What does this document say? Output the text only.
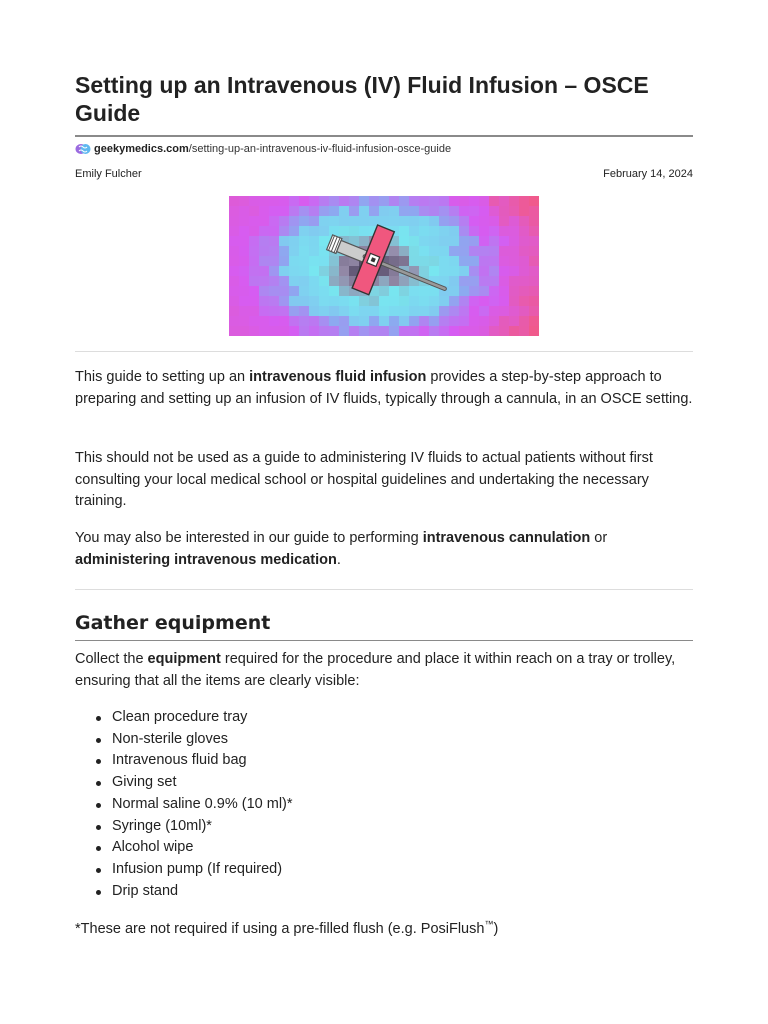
Setting up an Intravenous (IV) Fluid Infusion – OSCE Guide
geekymedics.com /setting-up-an-intravenous-iv-fluid-infusion-osce-guide
Emily Fulcher	February 14, 2024

This guide to setting up an intravenous fluid infusion provides a step-by-step approach to preparing and setting up an infusion of IV fluids, typically through a cannula, in an OSCE setting.

This should not be used as a guide to administering IV fluids to actual patients without first consulting your local medical school or hospital guidelines and undertaking the necessary training.

You may also be interested in our guide to performing intravenous cannulation or
administering intravenous medication.

Gather equipment

Collect the equipment required for the procedure and place it within reach on a tray or trolley, ensuring that all the items are clearly visible:

Clean procedure tray
Non-sterile gloves
Intravenous fluid bag
Giving set
Normal saline 0.9% (10 ml)*
Syringe (10ml)*
Alcohol wipe
Infusion pump (If required)
Drip stand

*These are not required if using a pre-filled flush (e.g. PosiFlush™)
